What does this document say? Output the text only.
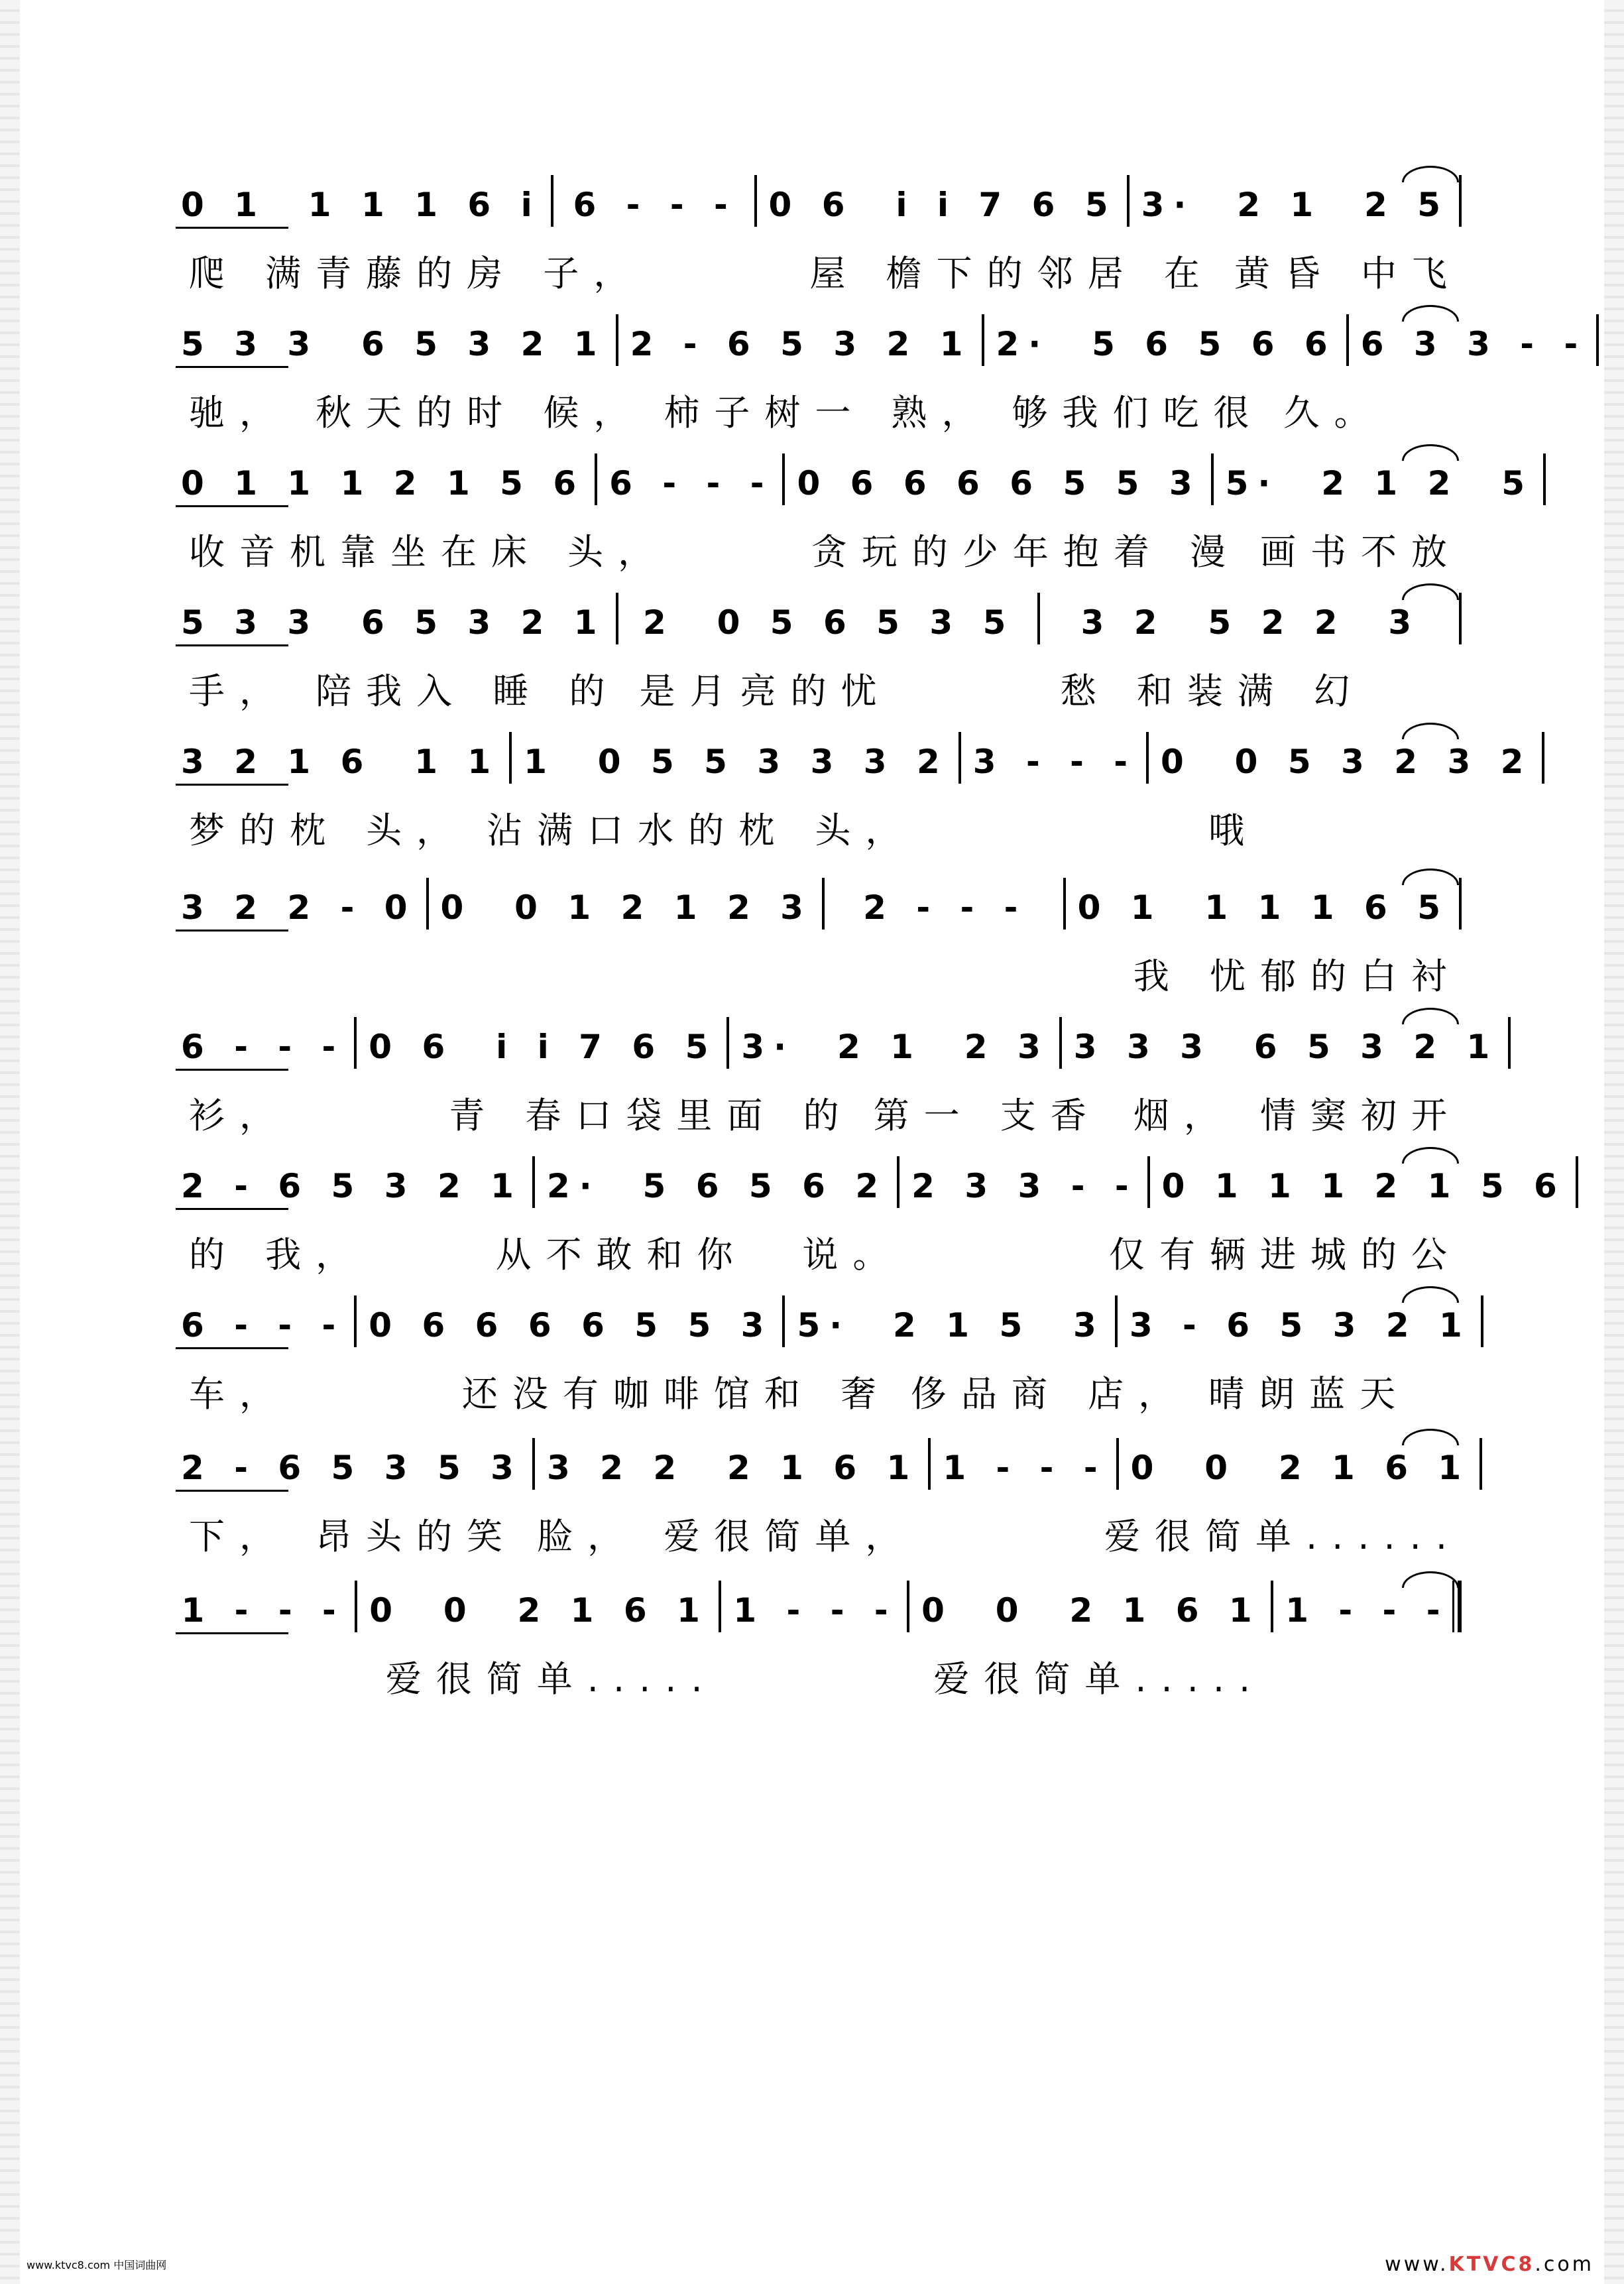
0 1  1 1 1 6 i 6 - - - 0 6  i i 7 6 5 3·  2 1  2 5
爬 满青藤的房 子，	屋 檐下的邻居 在 黄昏 中飞
5 3 3  6 5 3 2 1 2 - 6 5 3 2 1 2·  5 6 5 6 6 6 3 3 - -
驰， 秋天的时 候， 柿子树一 熟， 够我们吃很 久。
0 1 1 1 2 1 5 6 6 - - - 0 6 6 6 6 5 5 3 5·  2 1 2  5
收音机靠坐在床 头，	贪玩的少年抱着 漫 画书不放
5 3 3  6 5 3 2 1 2  0 5 6 5 3 5 3 2  5 2 2  3
手， 陪我入 睡 的 是月亮的忧	愁 和装满 幻
3 2 1 6  1 1 1  0 5 5 3 3 3 2 3 - - - 0  0 5 3 2 3 2
梦的枕 头， 沾满口水的枕 头，	哦
3 2 2 - 0 0  0 1 2 1 2 3 2 - - - 0 1  1 1 1 6 5
我 忧郁的白衬
6 - - - 0 6  i i 7 6 5 3·  2 1  2 3 3 3 3  6 5 3 2 1
衫，	青 春口袋里面 的 第一 支香 烟， 情窦初开
2 - 6 5 3 2 1 2·  5 6 5 6 2 2 3 3 - - 0 1 1 1 2 1 5 6
的 我，	从不敢和你	说。	仅有辆进城的公
6 - - - 0 6 6 6 6 5 5 3 5·  2 1 5  3 3 - 6 5 3 2 1
车，	还没有咖啡馆和 奢 侈品商 店， 晴朗蓝天
2 - 6 5 3 5 3 3 2 2  2 1 6 1 1 - - - 0  0  2 1 6 1
下， 昂头的笑 脸， 爱很简单，	爱很简单......
1 - - - 0  0  2 1 6 1 1 - - - 0  0  2 1 6 1 1 - - -
爱很简单.....	爱很简单.....
www.ktvc8.com 中国词曲网	www.KTVC8.com
